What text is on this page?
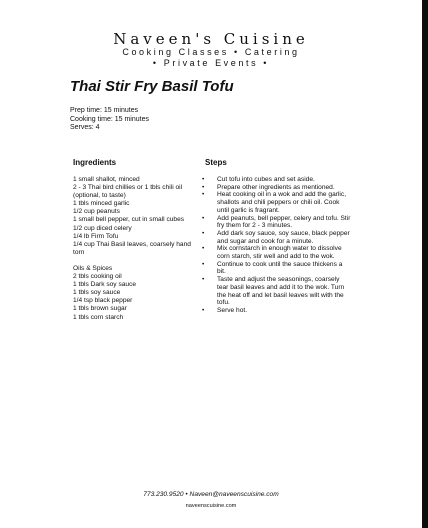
Naveen's Cuisine
Cooking Classes • Catering
• Private Events •
Thai Stir Fry Basil Tofu
Prep time: 15 minutes
Cooking time: 15 minutes
Serves: 4
Ingredients	Steps
1 small shallot, minced
2 - 3 Thai bird chillies or 1 tbls chili oil (optional, to taste)
1 tbls minced garlic
1/2 cup peanuts
1 small bell pepper, cut in small cubes
1/2 cup diced celery
1/4 lb Firm Tofu
1/4 cup Thai Basil leaves, coarsely hand torn
Oils & Spices
2 tbls cooking oil
1 tbls Dark soy sauce
1 tbls soy sauce
1/4 tsp black pepper
1 tbls brown sugar
1 tbls corn starch
• Cut tofu into cubes and set aside.
• Prepare other ingredients as mentioned.
• Heat cooking oil in a wok and add the garlic, shallots and chili peppers or chili oil. Cook until garlic is fragrant.
• Add peanuts, bell pepper, celery and tofu. Stir fry them for 2 - 3 minutes.
• Add dark soy sauce, soy sauce, black pepper and sugar and cook for a minute.
• Mix cornstarch in enough water to dissolve corn starch, stir well and add to the wok.
• Continue to cook until the sauce thickens a bit.
• Taste and adjust the seasonings, coarsely tear basil leaves and add it to the wok. Turn the heat off and let basil leaves wilt with the tofu.
• Serve hot.
773.230.9520 • Naveen@naveenscuisine.com
naveenscuisine.com
